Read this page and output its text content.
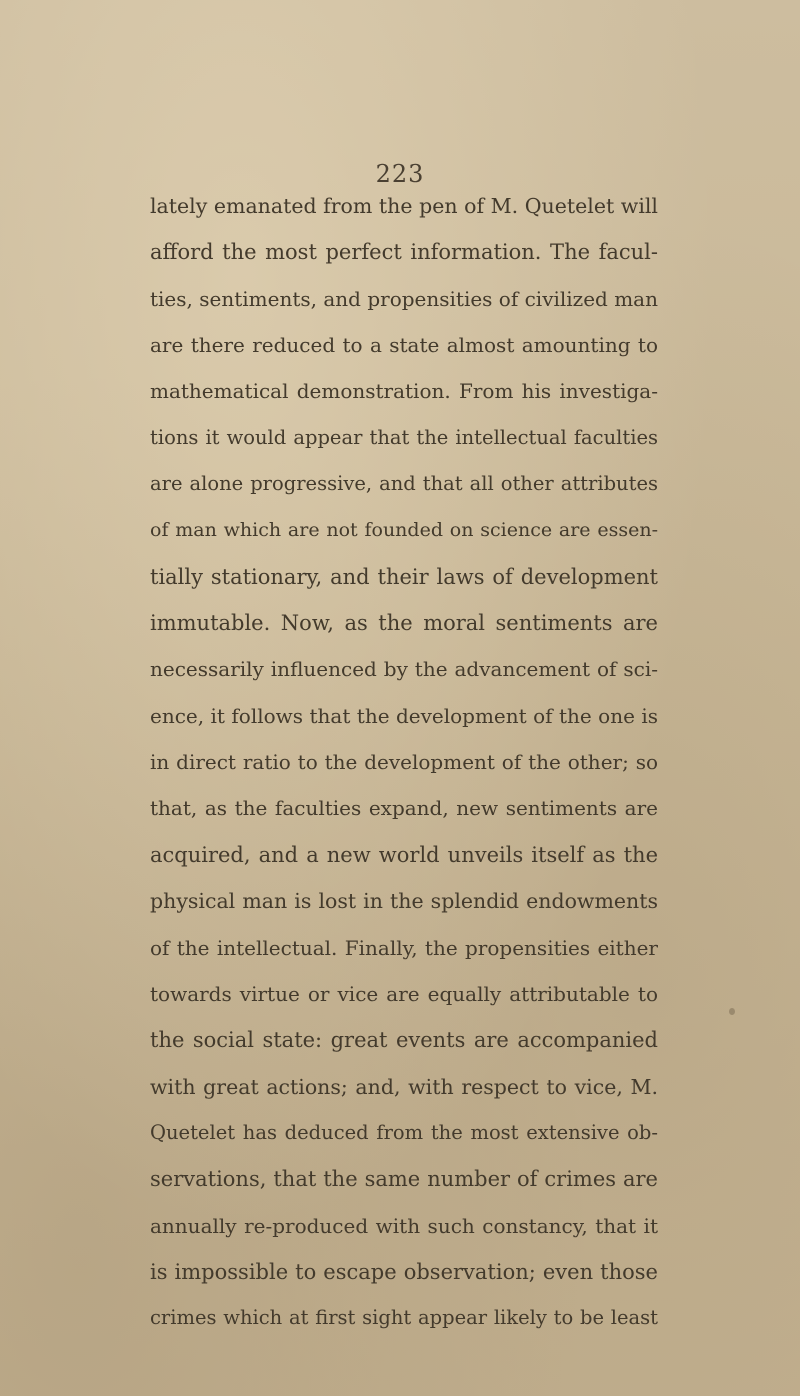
223
lately emanated from the pen of M. Quetelet will
afford the most perfect information. The facul-
ties, sentiments, and propensities of civilized man
are there reduced to a state almost amounting to
mathematical demonstration. From his investiga-
tions it would appear that the intellectual faculties
are alone progressive, and that all other attributes
of man which are not founded on science are essen-
tially stationary, and their laws of development
immutable. Now, as the moral sentiments are
necessarily influenced by the advancement of sci-
ence, it follows that the development of the one is
in direct ratio to the development of the other; so
that, as the faculties expand, new sentiments are
acquired, and a new world unveils itself as the
physical man is lost in the splendid endowments
of the intellectual. Finally, the propensities either
towards virtue or vice are equally attributable to
the social state: great events are accompanied
with great actions; and, with respect to vice, M.
Quetelet has deduced from the most extensive ob-
servations, that the same number of crimes are
annually re-produced with such constancy, that it
is impossible to escape observation; even those
crimes which at first sight appear likely to be least
